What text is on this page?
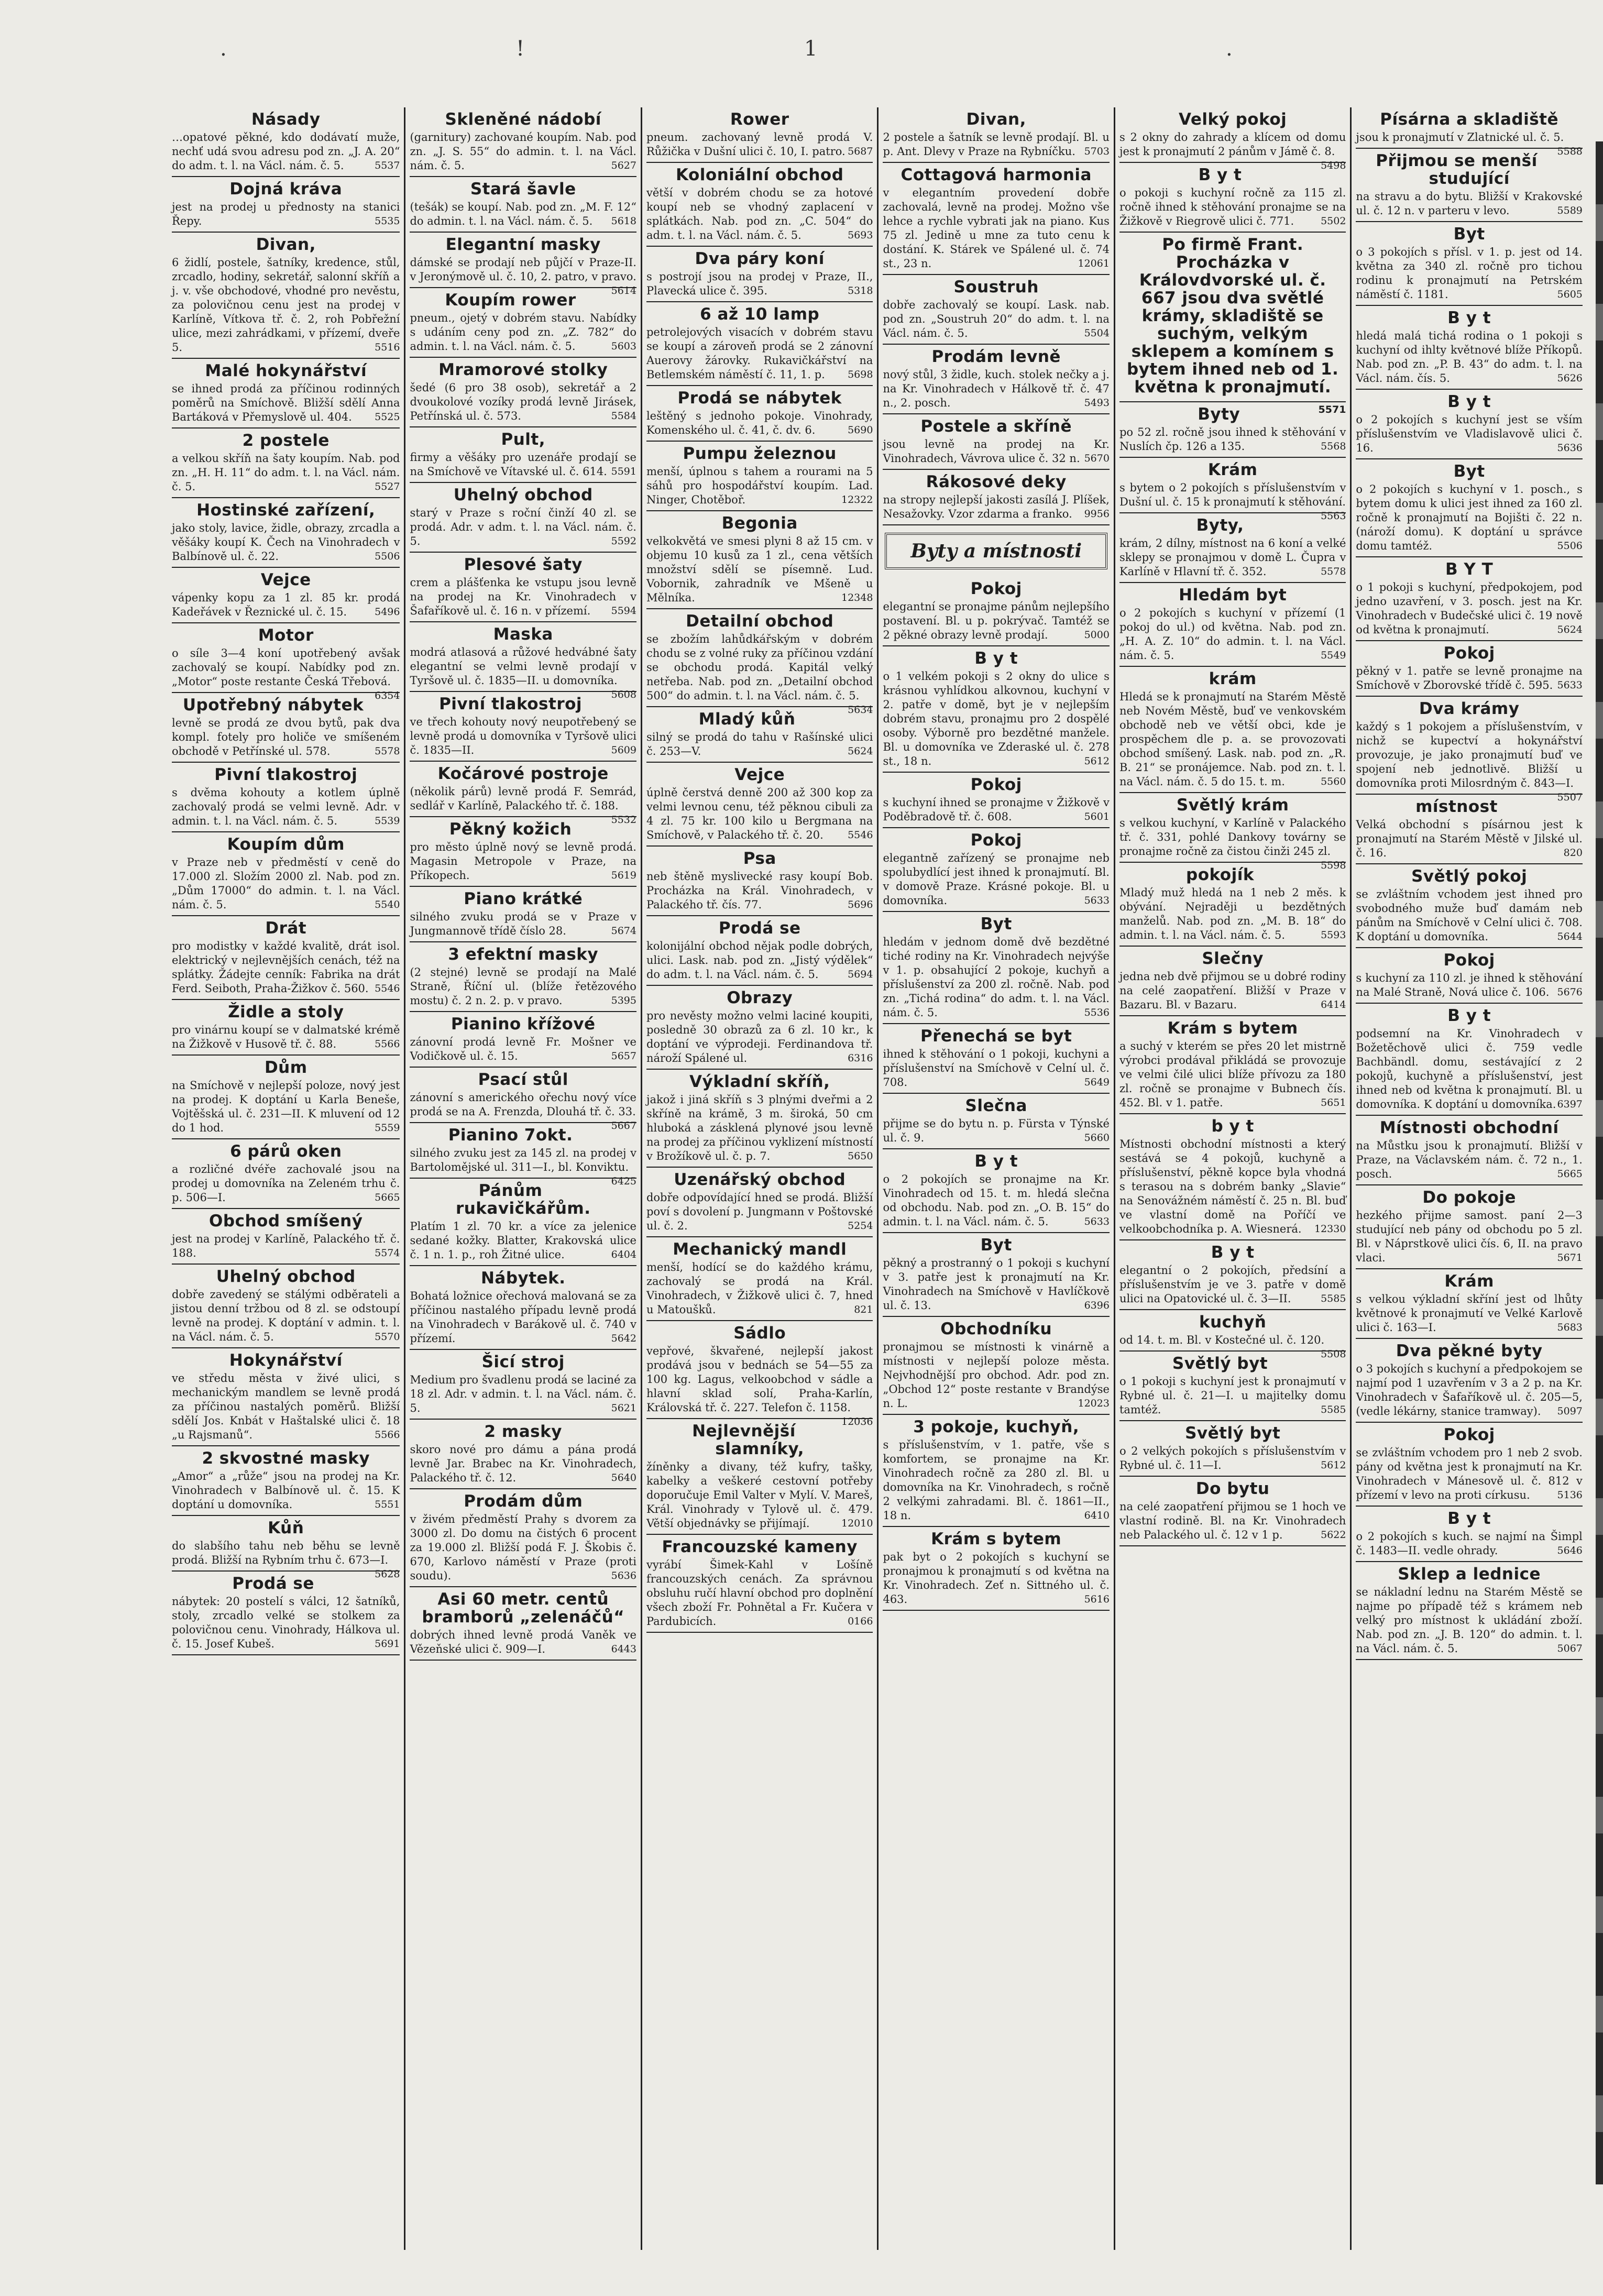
.	!	1	.
Násady

…opatové pěkné, kdo dodávatí muže, nechť udá svou adresu pod zn. „J. A. 20“ do adm. t. l. na Václ. nám. č. 5.	5537

Dojná kráva

jest na prodej u přednosty na stanici Řepy.	5535

Divan,

6 židlí, postele, šatníky, kredence, stůl, zrcadlo, hodiny, sekretář, salonní skříň a j. v. vše obchodové, vhodné pro nevěstu, za polovičnou cenu jest na prodej v Karlíně, Vítkova tř. č. 2, roh Pobřežní ulice, mezi zahrádkami, v přízemí, dveře 5.	5516

Malé hokynářství

se ihned prodá za příčinou rodinných poměrů na Smíchově. Bližší sdělí Anna Bartáková v Přemyslově ul. 404. 5525

2 postele

a velkou skříň na šaty koupím. Nab. pod zn. „H. H. 11“ do adm. t. l. na Václ. nám. č. 5.	5527

Hostinské zařízení,

jako stoly, lavice, židle, obrazy, zrcadla a věšáky koupí K. Čech na Vinohradech v Balbínově ul. č. 22.	5506

Vejce

vápenky kopu za 1 zl. 85 kr. prodá Kadeřávek v Řeznické ul. č. 15.	5496

Motor

o síle 3—4 koní upotřebený avšak zachovalý se koupí. Nabídky pod zn. „Motor“ poste restante Česká Třebová.
6354

Upotřebný nábytek

levně se prodá ze dvou bytů, pak dva kompl. fotely pro holiče ve smíšeném obchodě v Petřínské ul. 578.	5578

Pivní tlakostroj

s dvěma kohouty a kotlem úplně zachovalý prodá se velmi levně. Adr. v admin. t. l. na Václ. nám. č. 5.	5539

Koupím dům

v Praze neb v předměstí v ceně do 17.000 zl. Složím 2000 zl. Nab. pod zn. „Dům 17000“ do admin. t. l. na Václ. nám. č. 5.	5540

Drát

pro modistky v každé kvalitě, drát isol. elektrický v nejlevnějších cenách, též na splátky. Žádejte cenník: Fabrika na drát Ferd. Seiboth, Praha-Žižkov č. 560. 5546

Židle a stoly

pro vinárnu koupí se v dalmatské krémě na Žižkově v Husově tř. č. 88.	5566

Dům

na Smíchově v nejlepší poloze, nový jest na prodej. K doptání u Karla Beneše, Vojtěšská ul. č. 231—II. K mluvení od 12 do 1 hod.	5559

6 párů oken

a rozličné dvéře zachovalé jsou na prodej u domovníka na Zeleném trhu č. p. 506—I.	5665

Obchod smíšený

jest na prodej v Karlíně, Palackého tř. č. 188.	5574

Uhelný obchod

dobře zavedený se stálými odběrateli a jistou denní tržbou od 8 zl. se odstoupí levně na prodej. K doptání v admin. t. l. na Václ. nám. č. 5.	5570

Hokynářství

ve středu města v živé ulici, s mechanickým mandlem se levně prodá za příčinou nastalých poměrů. Bližší sdělí Jos. Knbát v Haštalské ulici č. 18 „u Rajsmanů“.	5566

2 skvostné masky

„Amor“ a „růže“ jsou na prodej na Kr. Vinohradech v Balbínově ul. č. 15. K doptání u domovníka.	5551

Kůň

do slabšího tahu neb běhu se levně prodá. Bližší na Rybním trhu č. 673—I.
5628

Prodá se

nábytek: 20 postelí s válci, 12 šatníků, stoly, zrcadlo velké se stolkem za polovičnou cenu. Vinohrady, Hálkova ul. č. 15. Josef Kubeš.	5691

Skleněné nádobí

(garnitury) zachované koupím. Nab. pod zn. „J. S. 55“ do admin. t. l. na Václ. nám. č. 5.	5627

Stará šavle

(tešák) se koupí. Nab. pod zn. „M. F. 12“ do admin. t. l. na Václ. nám. č. 5. 5618

Elegantní masky

dámské se prodají neb půjčí v Praze-II. v Jeronýmově ul. č. 10, 2. patro, v pravo.
5614

Koupím rower

pneum., ojetý v dobrém stavu. Nabídky s udáním ceny pod zn. „Z. 782“ do admin. t. l. na Václ. nám. č. 5.	5603

Mramorové stolky

šedé (6 pro 38 osob), sekretář a 2 dvoukolové vozíky prodá levně Jirásek, Petřínská ul. č. 573.	5584

Pult,

firmy a věšáky pro uzenáře prodají se na Smíchově ve Vítavské ul. č. 614. 5591

Uhelný obchod

starý v Praze s roční činží 40 zl. se prodá. Adr. v adm. t. l. na Václ. nám. č. 5.	5592

Plesové šaty

crem a plášťenka ke vstupu jsou levně na prodej na Kr. Vinohradech v Šafaříkově ul. č. 16 n. v přízemí. 5594

Maska

modrá atlasová a růžové hedvábné šaty elegantní se velmi levně prodají v Tyršově ul. č. 1835—II. u domovníka.
5608

Pivní tlakostroj

ve třech kohouty nový neupotřebený se levně prodá u domovníka v Tyršově ulici č. 1835—II.	5609

Kočárové postroje

(několik párů) levně prodá F. Semrád, sedlář v Karlíně, Palackého tř. č. 188.
5532

Pěkný kožich

pro město úplně nový se levně prodá. Magasin Metropole v Praze, na Příkopech.	5619

Piano krátké

silného zvuku prodá se v Praze v Jungmannově třídě číslo 28.	5674

3 efektní masky

(2 stejné) levně se prodají na Malé Straně, Říční ul. (blíže řetězového mostu) č. 2 n. 2. p. v pravo.	5395

Pianino křížové

zánovní prodá levně Fr. Mošner ve Vodičkově ul. č. 15.	5657

Psací stůl

zánovní s amerického ořechu nový více prodá se na A. Frenzda, Dlouhá tř. č. 33.
5667

Pianino 7okt.

silného zvuku jest za 145 zl. na prodej v Bartolomějské ul. 311—I., bl. Konviktu.
6425

Pánům rukavičkářům.

Platím 1 zl. 70 kr. a více za jelenice sedané kožky. Blatter, Krakovská ulice č. 1 n. 1. p., roh Žitné ulice.	6404

Nábytek.

Bohatá ložnice ořechová malovaná se za příčinou nastalého případu levně prodá na Vinohradech v Barákově ul. č. 740 v přízemí.	5642

Šicí stroj

Medium pro švadlenu prodá se laciné za 18 zl. Adr. v admin. t. l. na Václ. nám. č. 5.	5621

2 masky

skoro nové pro dámu a pána prodá levně Jar. Brabec na Kr. Vinohradech, Palackého tř. č. 12.	5640

Prodám dům

v živém předměstí Prahy s dvorem za 3000 zl. Do domu na čistých 6 procent za 19.000 zl. Bližší podá F. J. Škobis č. 670, Karlovo náměstí v Praze (proti soudu).	5636

Asi 60 metr. centů bramborů „zelenáčů“

dobrých ihned levně prodá Vaněk ve Vězeňské ulici č. 909—I.	6443

Rower

pneum. zachovaný levně prodá V. Růžička v Dušní ulici č. 10, I. patro. 5687

Koloniální obchod

větší v dobrém chodu se za hotové koupí neb se vhodný zaplacení v splátkách. Nab. pod zn. „C. 504“ do adm. t. l. na Václ. nám. č. 5.	5693

Dva páry koní

s postrojí jsou na prodej v Praze, II., Plavecká ulice č. 395.	5318

6 až 10 lamp

petrolejových visacích v dobrém stavu se koupí a zároveň prodá se 2 zánovní Auerovy žárovky. Rukavičkářství na Betlemském náměstí č. 11, 1. p. 5698

Prodá se nábytek

leštěný s jednoho pokoje. Vinohrady, Komenského ul. č. 41, č. dv. 6.	5690

Pumpu železnou

menší, úplnou s tahem a rourami na 5 sáhů pro hospodářství koupím. Lad. Ninger, Chotěboř.	12322

Begonia

velkokvětá ve smesi plyni 8 až 15 cm. v objemu 10 kusů za 1 zl., cena větších množství sdělí se písemně. Lud. Vobornik, zahradník ve Mšeně u Mělníka.	12348

Detailní obchod

se zbožím lahůdkářským v dobrém chodu se z volné ruky za příčinou vzdání se obchodu prodá. Kapitál velký netřeba. Nab. pod zn. „Detailní obchod 500“ do admin. t. l. na Václ. nám. č. 5.
5634

Mladý kůň

silný se prodá do tahu v Rašínské ulici č. 253—V.	5624

Vejce

úplně čerstvá denně 200 až 300 kop za velmi levnou cenu, též pěknou cibuli za 4 zl. 75 kr. 100 kilo u Bergmana na Smíchově, v Palackého tř. č. 20. 5546

Psa

neb štěně myslivecké rasy koupí Bob. Procházka na Král. Vinohradech, v Palackého tř. čís. 77.	5696

Prodá se

kolonijální obchod nějak podle dobrých, ulici. Lask. nab. pod zn. „Jistý výdělek“ do adm. t. l. na Václ. nám. č. 5.	5694

Obrazy

pro nevěsty možno velmi laciné koupiti, posledně 30 obrazů za 6 zl. 10 kr., k doptání ve výprodeji. Ferdinandova tř. nároží Spálené ul.	6316

Výkladní skříň,

jakož i jiná skříň s 3 plnými dveřmi a 2 skříně na krámě, 3 m. široká, 50 cm hluboká a zásklená plynové jsou levně na prodej za příčinou vyklizení místností v Brožíkově ul. č. p. 7.	5650

Uzenářský obchod

dobře odpovídající hned se prodá. Bližší poví s dovolení p. Jungmann v Poštovské ul. č. 2.	5254

Mechanický mandl

menší, hodící se do každého krámu, zachovalý se prodá na Král. Vinohradech, v Žižkově ulici č. 7, hned u Matoušků.	821

Sádlo

vepřové, škvařené, nejlepší jakost prodává jsou v bednách se 54—55 za 100 kg. Lagus, velkoobchod v sádle a hlavní sklad solí, Praha-Karlín, Královská tř. č. 227. Telefon č. 1158.
12036

Nejlevnější slamníky,

žíněnky a divany, též kufry, tašky, kabelky a veškeré cestovní potřeby doporučuje Emil Valter v Mylí. V. Mareš, Král. Vinohrady v Tylově ul. č. 479. Větší objednávky se přijímají.	12010

Francouzské kameny

vyrábí Šimek-Kahl v Lošíně francouzských cenách. Za správnou obsluhu ručí hlavní obchod pro doplnění všech zboží Fr. Pohnětal a Fr. Kučera v Pardubicích.	0166

Divan,

2 postele a šatník se levně prodají. Bl. u p. Ant. Dlevy v Praze na Rybníčku. 5703

Cottagová harmonia

v elegantním provedení dobře zachovalá, levně na prodej. Možno vše lehce a rychle vybrati jak na piano. Kus 75 zl. Jedině u mne za tuto cenu k dostání. K. Stárek ve Spálené ul. č. 74 st., 23 n.	12061

Soustruh

dobře zachovalý se koupí. Lask. nab. pod zn. „Soustruh 20“ do adm. t. l. na Václ. nám. č. 5.	5504

Prodám levně

nový stůl, 3 židle, kuch. stolek nečky a j. na Kr. Vinohradech v Hálkově tř. č. 47 n., 2. posch.	5493

Postele a skříně

jsou levně na prodej na Kr. Vinohradech, Vávrova ulice č. 32 n. 5670

Rákosové deky

na stropy nejlepší jakosti zasílá J. Plíšek, Nesažovky. Vzor zdarma a franko. 9956

Byty a místnosti
Pokoj

elegantní se pronajme pánům nejlepšího postavení. Bl. u p. pokrývač. Tamtéž se 2 pěkné obrazy levně prodají.	5000

B y t

o 1 velkém pokoji s 2 okny do ulice s krásnou vyhlídkou alkovnou, kuchyní v 2. patře v domě, byt je v nejlepším dobrém stavu, pronajmu pro 2 dospělé osoby. Výborně pro bezdětné manžele. Bl. u domovníka ve Zderaské ul. č. 278 st., 18 n.	5612

Pokoj

s kuchyní ihned se pronajme v Žižkově v Poděbradově tř. č. 608.	5601

Pokoj

elegantně zařízený se pronajme neb spolubydlící jest ihned k pronajmutí. Bl. v domově Praze. Krásné pokoje. Bl. u domovníka.	5633

Byt

hledám v jednom domě dvě bezdětné tiché rodiny na Kr. Vinohradech nejvýše v 1. p. obsahující 2 pokoje, kuchyň a příslušenství za 200 zl. ročně. Nab. pod zn. „Tichá rodina“ do adm. t. l. na Václ. nám. č. 5.	5536

Přenechá se byt

ihned k stěhování o 1 pokoji, kuchyni a příslušenství na Smíchově v Celní ul. č. 708.	5649

Slečna

přijme se do bytu n. p. Fürsta v Týnské ul. č. 9.	5660

B y t

o 2 pokojích se pronajme na Kr. Vinohradech od 15. t. m. hledá slečna od obchodu. Nab. pod zn. „O. B. 15“ do admin. t. l. na Václ. nám. č. 5.	5633

Byt

pěkný a prostranný o 1 pokoji s kuchyní v 3. patře jest k pronajmutí na Kr. Vinohradech na Smíchově v Havlíčkově ul. č. 13.	6396

Obchodníku

pronajmou se místnosti k vinárně a místnosti v nejlepší poloze města. Nejvhodnější pro obchod. Adr. pod zn. „Obchod 12“ poste restante v Brandýse n. L.	12023

3 pokoje, kuchyň,

s příslušenstvím, v 1. patře, vše s komfortem, se pronajme na Kr. Vinohradech ročně za 280 zl. Bl. u domovníka na Kr. Vinohradech, s ročně 2 velkými zahradami. Bl. č. 1861—II., 18 n.	6410

Krám s bytem

pak byt o 2 pokojích s kuchyní se pronajmou k pronajmutí s od května na Kr. Vinohradech. Zeť n. Sittného ul. č. 463.	5616

Velký pokoj

s 2 okny do zahrady a klícem od domu jest k pronajmutí 2 pánům v Jámě č. 8.
5498

B y t

o pokoji s kuchyní ročně za 115 zl. ročně ihned k stěhování pronajme se na Žižkově v Riegrově ulici č. 771.	5502

Po firmě Frant. Procházka v Královdvorské ul. č. 667 jsou dva světlé krámy, skladiště se suchým, velkým sklepem a komínem s bytem ihned neb od 1. května k pronajmutí.

5571

Byty

po 52 zl. ročně jsou ihned k stěhování v Nuslích čp. 126 a 135.	5568

Krám

s bytem o 2 pokojích s příslušenstvím v Dušní ul. č. 15 k pronajmutí k stěhování.
5563

Byty,

krám, 2 dílny, místnost na 6 koní a velké sklepy se pronajmou v domě L. Čupra v Karlíně v Hlavní tř. č. 352.	5578

Hledám byt

o 2 pokojích s kuchyní v přízemí (1 pokoj do ul.) od května. Nab. pod zn. „H. A. Z. 10“ do admin. t. l. na Václ. nám. č. 5.	5549

krám

Hledá se k pronajmutí na Starém Městě neb Novém Městě, buď ve venkovském obchodě neb ve větší obci, kde je prospěchem dle p. a. se provozovati obchod smíšený. Lask. nab. pod zn. „R. B. 21“ se pronájemce. Nab. pod zn. t. l. na Václ. nám. č. 5 do 15. t. m.	5560

Světlý krám

s velkou kuchyní, v Karlíně v Palackého tř. č. 331, pohlé Dankovy továrny se pronajme ročně za čistou činži 245 zl.
5598

pokojík

Mladý muž hledá na 1 neb 2 měs. k obývání. Nejraději u bezdětných manželů. Nab. pod zn. „M. B. 18“ do admin. t. l. na Václ. nám. č. 5.	5593

Slečny

jedna neb dvě přijmou se u dobré rodiny na celé zaopatření. Bližší v Praze v Bazaru. Bl. v Bazaru.	6414

Krám s bytem

a suchý v kterém se přes 20 let mistrně výrobci prodával přikládá se provozuje ve velmi čilé ulici blíže přívozu za 180 zl. ročně se pronajme v Bubnech čís. 452. Bl. v 1. patře.	5651

b y t

Místnosti obchodní místnosti a který sestává se 4 pokojů, kuchyně a příslušenství, pěkně kopce byla vhodná s terasou na s dobrém banky „Slavie“ na Senovážném náměstí č. 25 n. Bl. buď ve vlastní domě na Poříčí ve velkoobchodníka p. A. Wiesnerá. 12330

B y t

elegantní o 2 pokojích, předsíní a příslušenstvím je ve 3. patře v domě ulici na Opatovické ul. č. 3—II.	5585

kuchyň

od 14. t. m. Bl. v Kostečné ul. č. 120.
5508

Světlý byt

o 1 pokoji s kuchyní jest k pronajmutí v Rybné ul. č. 21—I. u majitelky domu tamtéž.	5585

Světlý byt

o 2 velkých pokojích s příslušenstvím v Rybné ul. č. 11—I.	5612

Do bytu

na celé zaopatření přijmou se 1 hoch ve vlastní rodině. Bl. na Kr. Vinohradech neb Palackého ul. č. 12 v 1 p.	5622

Písárna a skladiště

jsou k pronajmutí v Zlatnické ul. č. 5.
5588

Přijmou se menší studující

na stravu a do bytu. Bližší v Krakovské ul. č. 12 n. v parteru v levo.	5589

Byt

o 3 pokojích s přísl. v 1. p. jest od 14. května za 340 zl. ročně pro tichou rodinu k pronajmutí na Petrském náměstí č. 1181.	5605

B y t

hledá malá tichá rodina o 1 pokoji s kuchyní od ihlty květnové blíže Příkopů. Nab. pod zn. „P. B. 43“ do adm. t. l. na Václ. nám. čís. 5.	5626

B y t

o 2 pokojích s kuchyní jest se vším příslušenstvím ve Vladislavově ulici č. 16.	5636

Byt

o 2 pokojích s kuchyní v 1. posch., s bytem domu k ulici jest ihned za 160 zl. ročně k pronajmutí na Bojišti č. 22 n. (nároží domu). K doptání u správce domu tamtéž.	5506

B Y T

o 1 pokoji s kuchyní, předpokojem, pod jedno uzavření, v 3. posch. jest na Kr. Vinohradech v Budečské ulici č. 19 nově od května k pronajmutí.	5624

Pokoj

pěkný v 1. patře se levně pronajme na Smíchově v Zborovské třídě č. 595. 5633

Dva krámy

každý s 1 pokojem a příslušenstvím, v nichž se kupectví a hokynářství provozuje, je jako pronajmutí buď ve spojení neb jednotlivě. Bližší u domovníka proti Milosrdným č. 843—I.
5507

místnost

Velká obchodní s písárnou jest k pronajmutí na Starém Městě v Jilské ul. č. 16.	820

Světlý pokoj

se zvláštním vchodem jest ihned pro svobodného muže buď damám neb pánům na Smíchově v Celní ulici č. 708. K doptání u domovníka.	5644

Pokoj

s kuchyní za 110 zl. je ihned k stěhování na Malé Straně, Nová ulice č. 106. 5676

B y t

podsemní na Kr. Vinohradech v Božetěchově ulici č. 759 vedle Bachbändl. domu, sestávající z 2 pokojů, kuchyně a příslušenství, jest ihned neb od května k pronajmutí. Bl. u domovníka. K doptání u domovníka. 6397

Místnosti obchodní

na Můstku jsou k pronajmutí. Bližší v Praze, na Václavském nám. č. 72 n., 1. posch.	5665

Do pokoje

hezkého přijme samost. paní 2—3 studující neb pány od obchodu po 5 zl. Bl. v Náprstkově ulici čís. 6, II. na pravo vlaci.	5671

Krám

s velkou výkladní skříní jest od lhůty květnové k pronajmutí ve Velké Karlově ulici č. 163—I.	5683

Dva pěkné byty

o 3 pokojích s kuchyní a předpokojem se najmí pod 1 uzavřením v 3 a 2 p. na Kr. Vinohradech v Šafaříkově ul. č. 205—5, (vedle lékárny, stanice tramway). 5097

Pokoj

se zvláštním vchodem pro 1 neb 2 svob. pány od května jest k pronajmutí na Kr. Vinohradech v Mánesově ul. č. 812 v přízemí v levo na proti církusu.	5136

B y t

o 2 pokojích s kuch. se najmí na Šimpl č. 1483—II. vedle ohrady.	5646

Sklep a lednice

se nákladní lednu na Starém Městě se najme po případě též s krámem neb velký pro místnost k ukládání zboží. Nab. pod zn. „J. B. 120“ do admin. t. l. na Václ. nám. č. 5.	5067
